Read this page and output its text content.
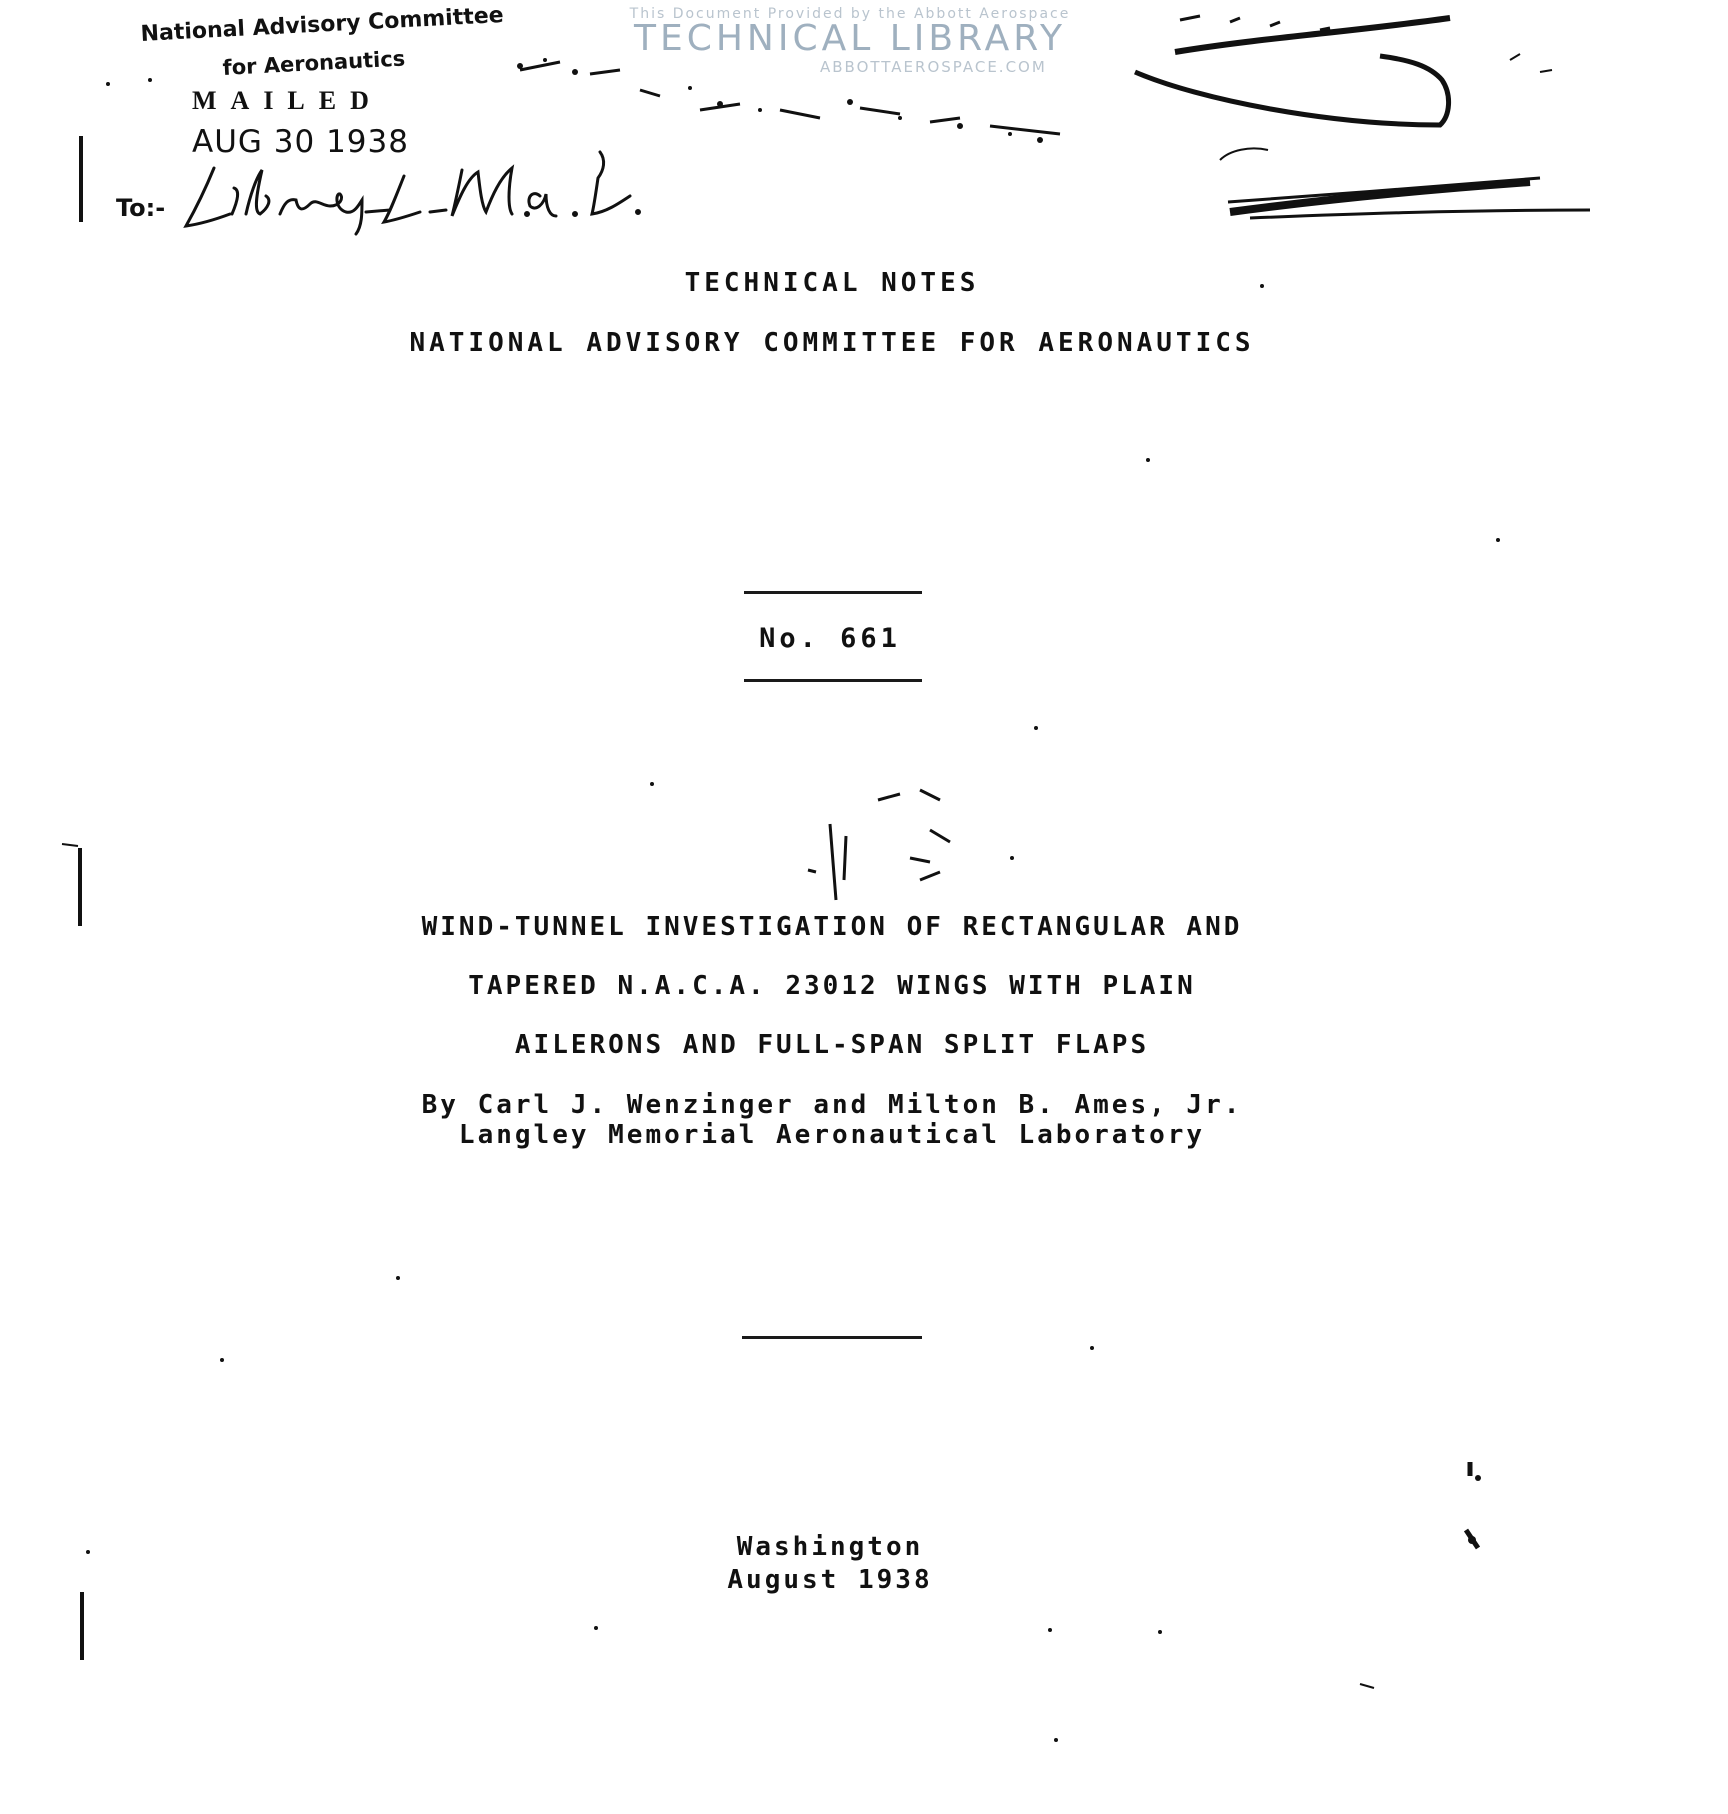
This Document Provided by the Abbott Aerospace
TECHNICAL LIBRARY
ABBOTTAEROSPACE.COM
National Advisory Committee
for Aeronautics
MAILED
AUG 30 1938
To:-
TECHNICAL NOTES
NATIONAL ADVISORY COMMITTEE FOR AERONAUTICS
No. 661
WIND-TUNNEL INVESTIGATION OF RECTANGULAR AND
TAPERED N.A.C.A. 23012 WINGS WITH PLAIN
AILERONS AND FULL-SPAN SPLIT FLAPS
By Carl J. Wenzinger and Milton B. Ames, Jr.
Langley Memorial Aeronautical Laboratory
Washington
August 1938
